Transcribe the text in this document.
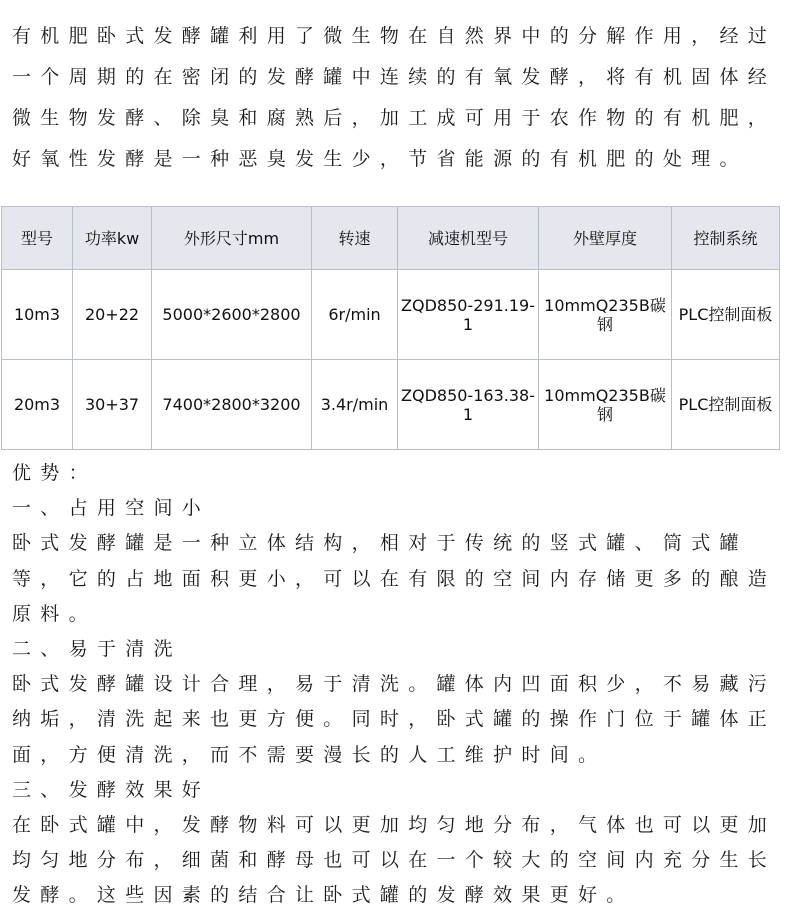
有机肥卧式发酵罐利用了微生物在自然界中的分解作用，经过一个周期的在密闭的发酵罐中连续的有氧发酵，将有机固体经微生物发酵、除臭和腐熟后，加工成可用于农作物的有机肥，好氧性发酵是一种恶臭发生少，节省能源的有机肥的处理。

型号	功率kw	外形尺寸mm	转速	减速机型号	外壁厚度	控制系统
10m3	20+22	5000*2600*2800	6r/min	ZQD850-291.19-1	10mmQ235B碳钢	PLC控制面板
20m3	30+37	7400*2800*3200	3.4r/min	ZQD850-163.38-1	10mmQ235B碳钢	PLC控制面板

优势：

一、占用空间小

卧式发酵罐是一种立体结构，相对于传统的竖式罐、筒式罐等，它的占地面积更小，可以在有限的空间内存储更多的酿造原料。

二、易于清洗

卧式发酵罐设计合理，易于清洗。罐体内凹面积少，不易藏污纳垢，清洗起来也更方便。同时，卧式罐的操作门位于罐体正面，方便清洗，而不需要漫长的人工维护时间。

三、发酵效果好

在卧式罐中，发酵物料可以更加均匀地分布，气体也可以更加均匀地分布，细菌和酵母也可以在一个较大的空间内充分生长发酵。这些因素的结合让卧式罐的发酵效果更好。
